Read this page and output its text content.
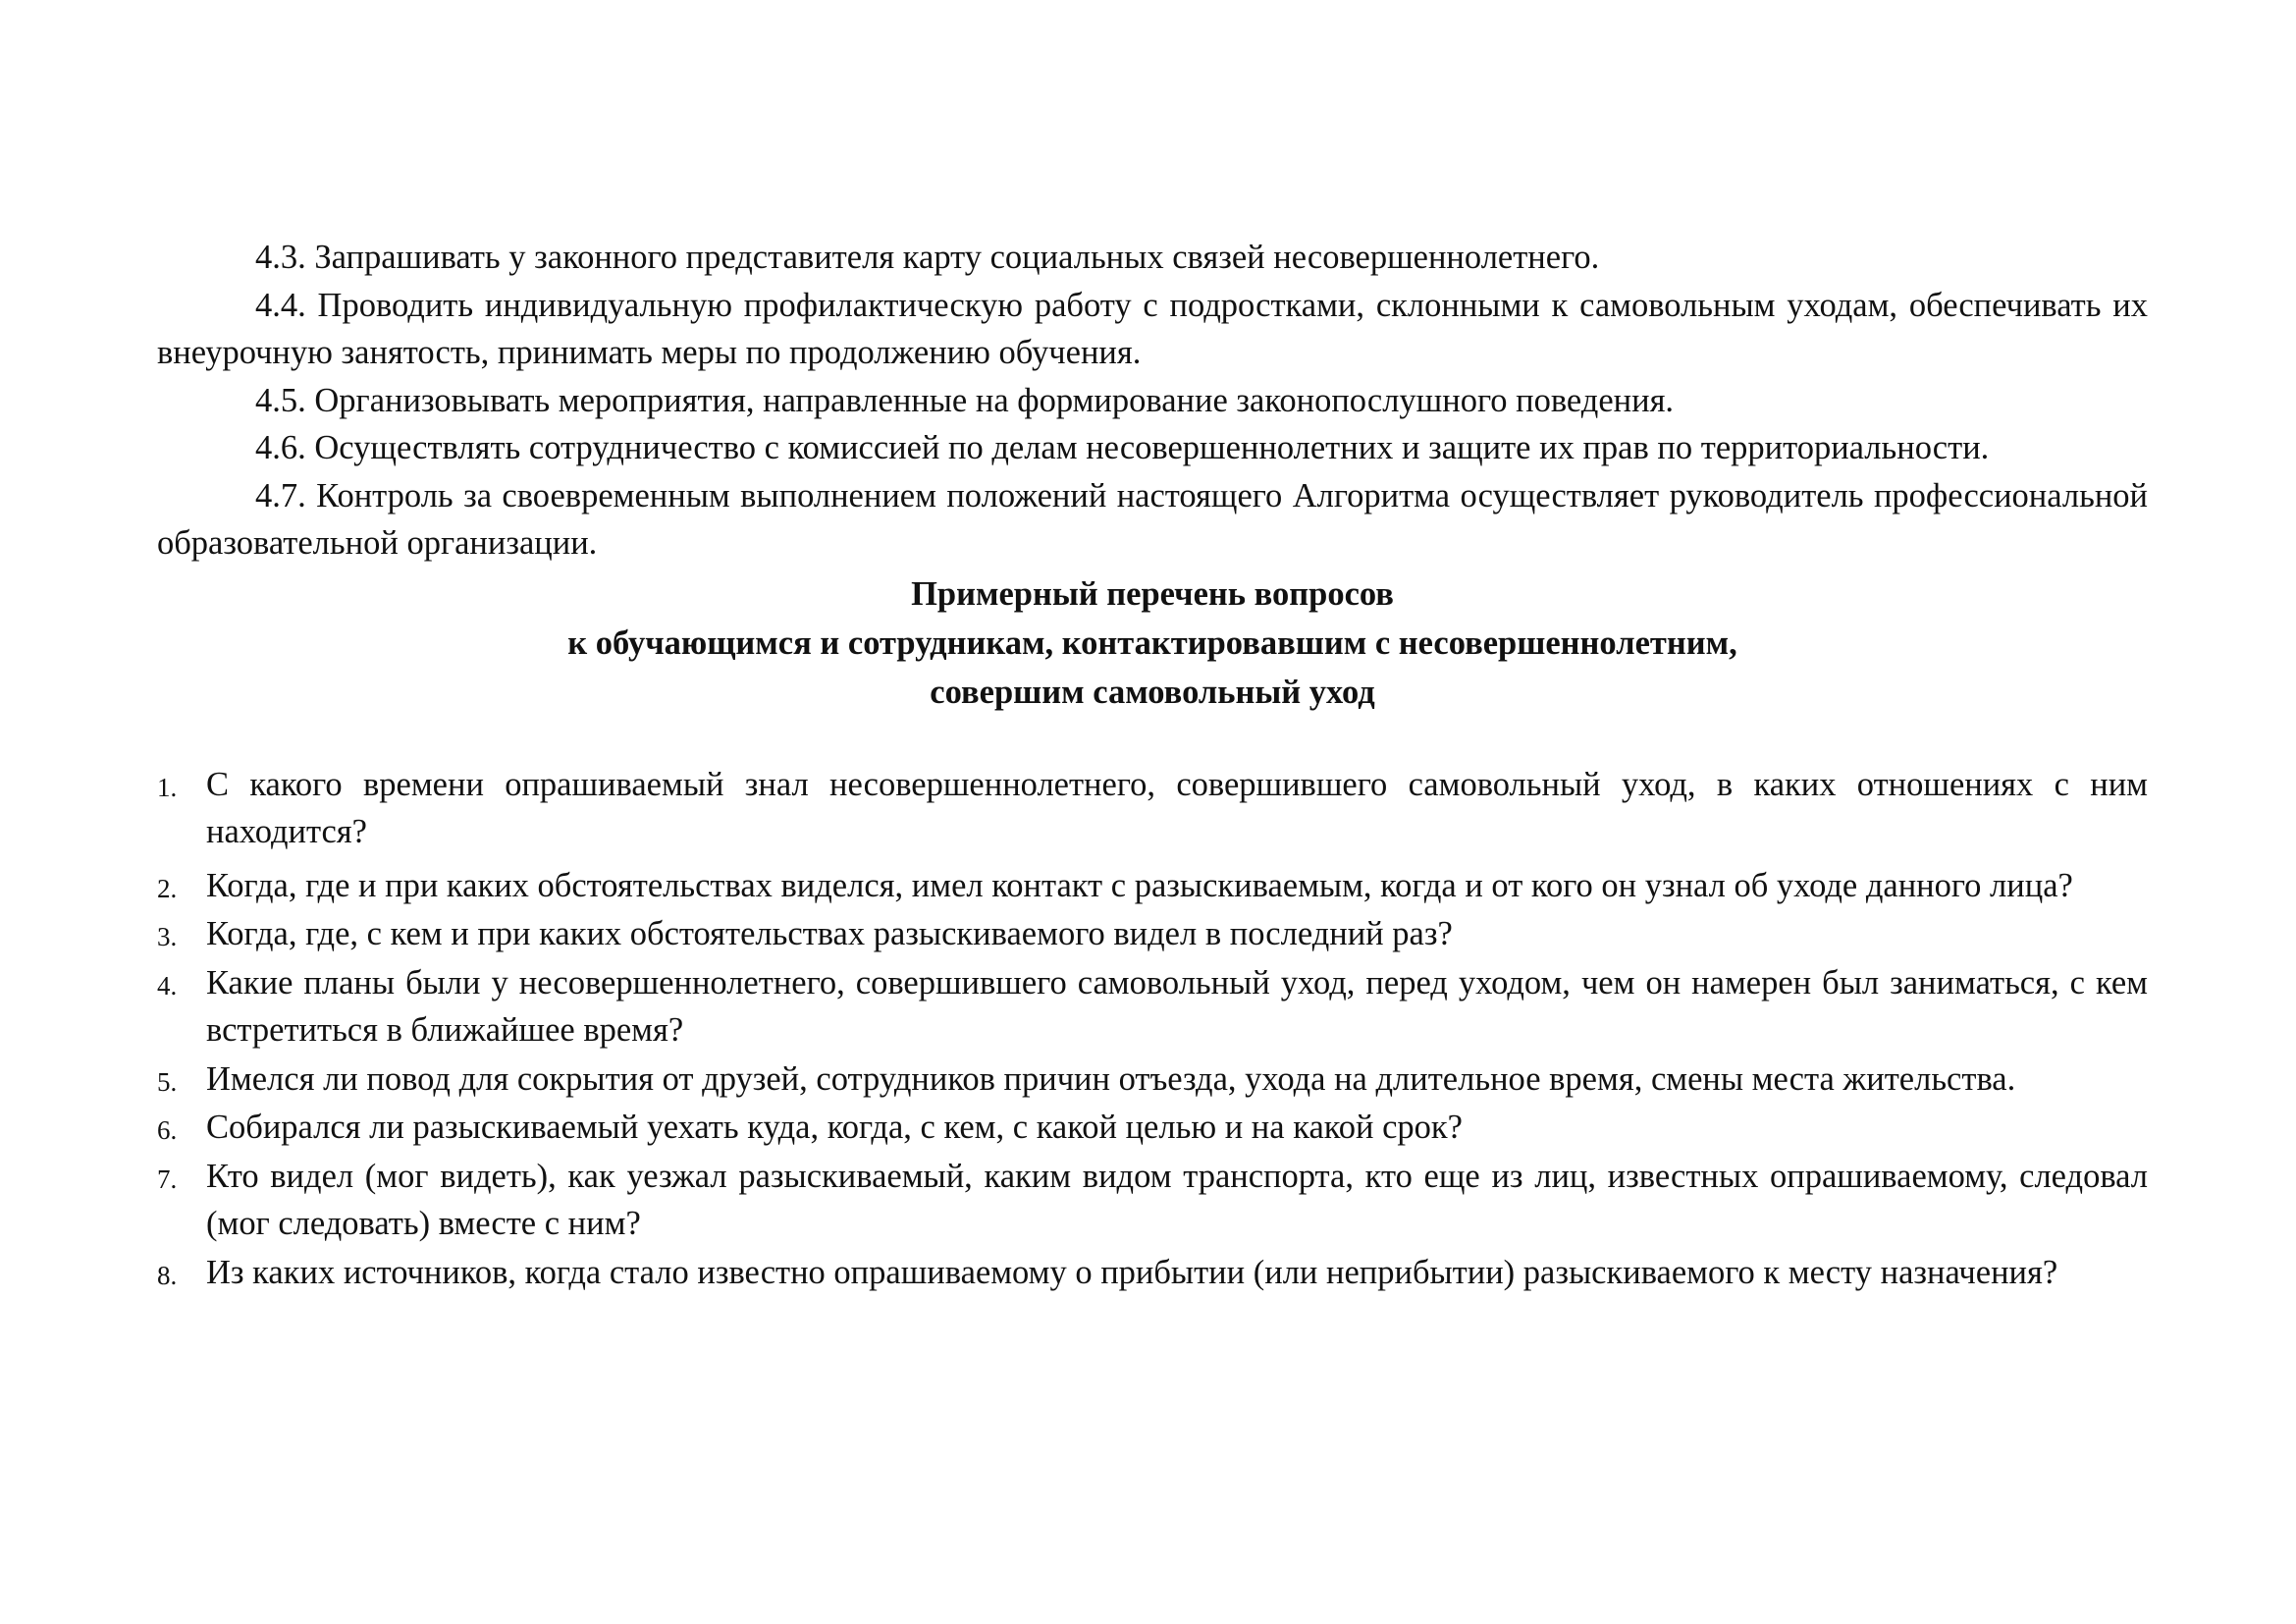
4.3. Запрашивать у законного представителя карту социальных связей несовершеннолетнего.

4.4. Проводить индивидуальную профилактическую работу с подростками, склонными к самовольным уходам, обеспечивать их внеурочную занятость, принимать меры по продолжению обучения.

4.5. Организовывать мероприятия, направленные на формирование законопослушного поведения.

4.6. Осуществлять сотрудничество с комиссией по делам несовершеннолетних и защите их прав по территориальности.

4.7. Контроль за своевременным выполнением положений настоящего Алгоритма осуществляет руководитель профессиональной образовательной организации.

Примерный перечень вопросов

к обучающимся и сотрудникам, контактировавшим с несовершеннолетним,

совершим самовольный уход

1. С какого времени опрашиваемый знал несовершеннолетнего, совершившего самовольный уход, в каких отношениях с ним находится?
2. Когда, где и при каких обстоятельствах виделся, имел контакт с разыскиваемым, когда и от кого он узнал об уходе данного лица?
3. Когда, где, с кем и при каких обстоятельствах разыскиваемого видел в последний раз?
4. Какие планы были у несовершеннолетнего, совершившего самовольный уход, перед уходом, чем он намерен был заниматься, с кем встретиться в ближайшее время?
5. Имелся ли повод для сокрытия от друзей, сотрудников причин отъезда, ухода на длительное время, смены места жительства.
6. Собирался ли разыскиваемый уехать куда, когда, с кем, с какой целью и на какой срок?
7. Кто видел (мог видеть), как уезжал разыскиваемый, каким видом транспорта, кто еще из лиц, известных опрашиваемому, следовал (мог следовать) вместе с ним?
8. Из каких источников, когда стало известно опрашиваемому о прибытии (или неприбытии) разыскиваемого к месту назначения?
